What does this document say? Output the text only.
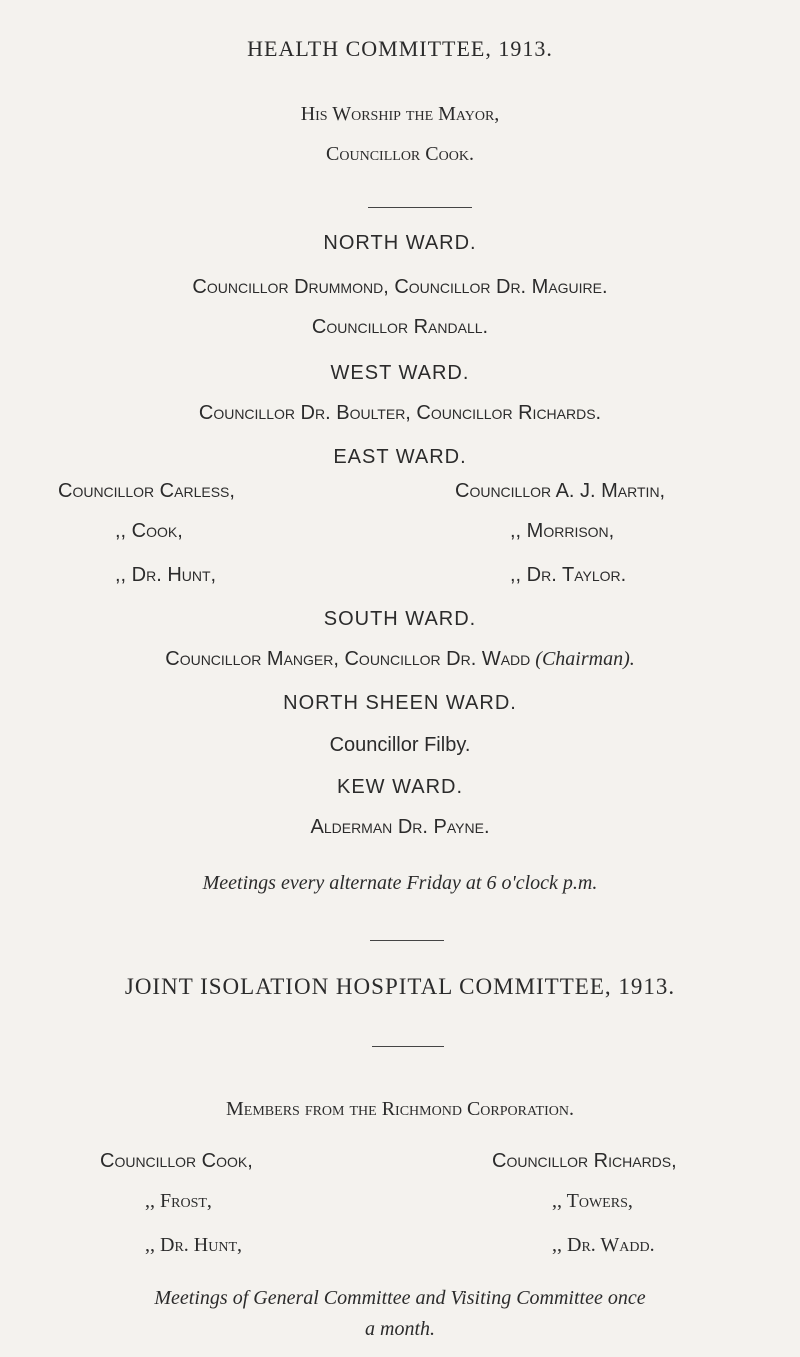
HEALTH COMMITTEE, 1913.
His Worship the Mayor,
Councillor Cook.
NORTH WARD.
Councillor Drummond, Councillor Dr. Maguire.
Councillor Randall.
WEST WARD.
Councillor Dr. Boulter, Councillor Richards.
EAST WARD.
Councillor Carless,
,, Cook,
,, Dr. Hunt,
Councillor A. J. Martin,
,, Morrison,
,, Dr. Taylor.
SOUTH WARD.
Councillor Manger, Councillor Dr. Wadd (Chairman).
NORTH SHEEN WARD.
Councillor Filby.
KEW WARD.
Alderman Dr. Payne.
Meetings every alternate Friday at 6 o'clock p.m.
JOINT ISOLATION HOSPITAL COMMITTEE, 1913.
Members from the Richmond Corporation.
Councillor Cook,
,, Frost,
,, Dr. Hunt,
Councillor Richards,
,, Towers,
,, Dr. Wadd.
Meetings of General Committee and Visiting Committee once
a month.
